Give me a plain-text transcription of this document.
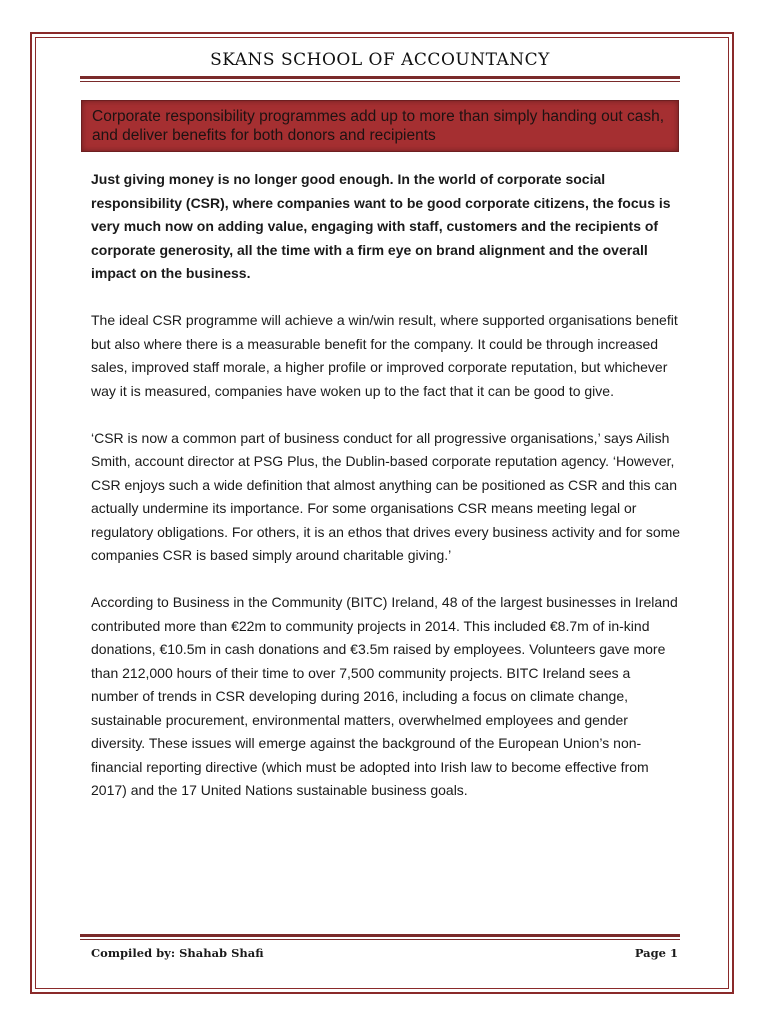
SKANS SCHOOL OF ACCOUNTANCY
Corporate responsibility programmes add up to more than simply handing out cash, and deliver benefits for both donors and recipients

Just giving money is no longer good enough. In the world of corporate social responsibility (CSR), where companies want to be good corporate citizens, the focus is very much now on adding value, engaging with staff, customers and the recipients of corporate generosity, all the time with a firm eye on brand alignment and the overall impact on the business.

The ideal CSR programme will achieve a win/win result, where supported organisations benefit but also where there is a measurable benefit for the company. It could be through increased sales, improved staff morale, a higher profile or improved corporate reputation, but whichever way it is measured, companies have woken up to the fact that it can be good to give.

‘CSR is now a common part of business conduct for all progressive organisations,’ says Ailish Smith, account director at PSG Plus, the Dublin-based corporate reputation agency. ‘However, CSR enjoys such a wide definition that almost anything can be positioned as CSR and this can actually undermine its importance. For some organisations CSR means meeting legal or regulatory obligations. For others, it is an ethos that drives every business activity and for some companies CSR is based simply around charitable giving.’

According to Business in the Community (BITC) Ireland, 48 of the largest businesses in Ireland contributed more than €22m to community projects in 2014. This included €8.7m of in-kind donations, €10.5m in cash donations and €3.5m raised by employees. Volunteers gave more than 212,000 hours of their time to over 7,500 community projects. BITC Ireland sees a number of trends in CSR developing during 2016, including a focus on climate change, sustainable procurement, environmental matters, overwhelmed employees and gender diversity. These issues will emerge against the background of the European Union’s non-financial reporting directive (which must be adopted into Irish law to become effective from 2017) and the 17 United Nations sustainable business goals.

Compiled by: Shahab Shafi	Page 1
